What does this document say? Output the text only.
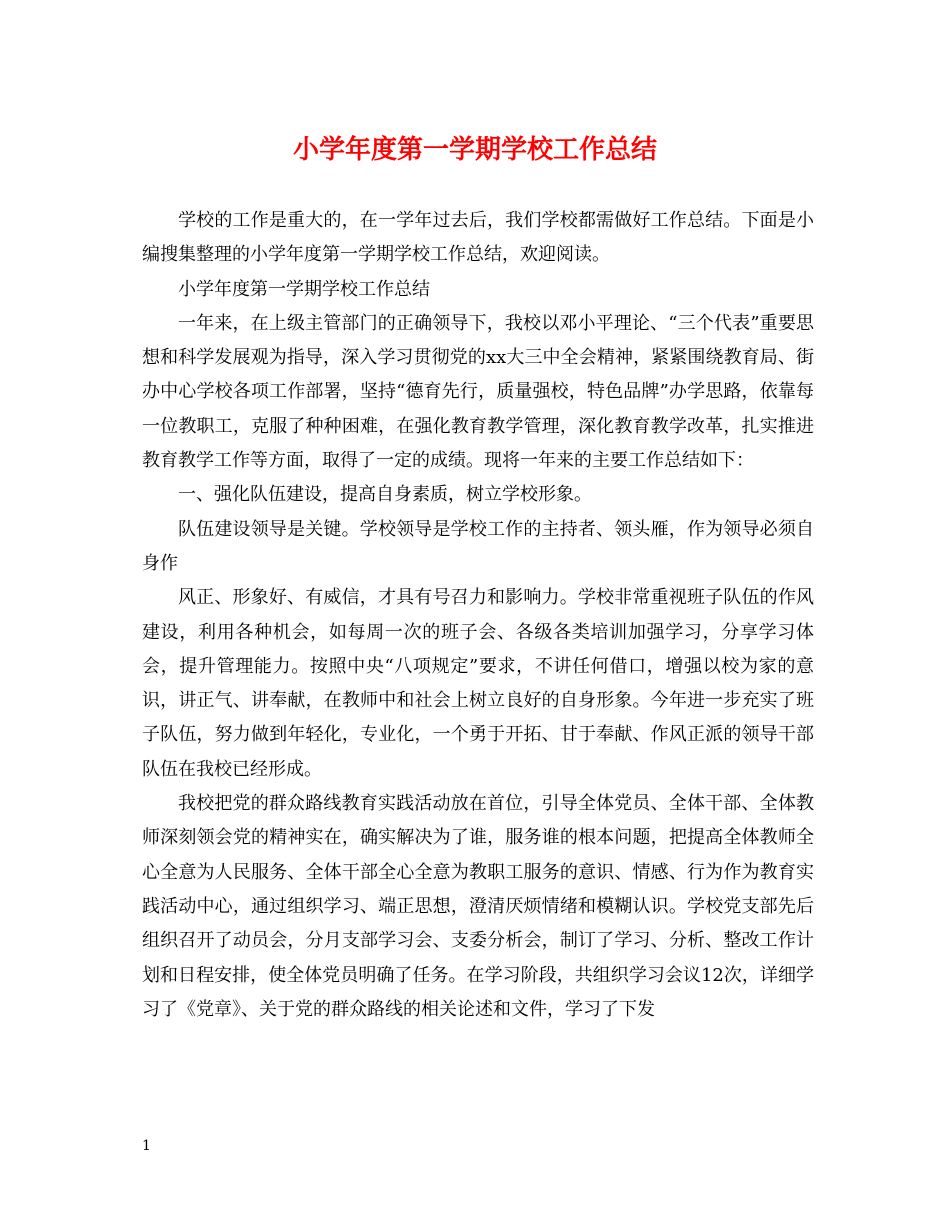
小学年度第一学期学校工作总结

学校的工作是重大的，在一学年过去后，我们学校都需做好工作总结。下面是小编搜集整理的小学年度第一学期学校工作总结，欢迎阅读。

小学年度第一学期学校工作总结

一年来，在上级主管部门的正确领导下，我校以邓小平理论、“三个代表”重要思想和科学发展观为指导，深入学习贯彻党的xx大三中全会精神，紧紧围绕教育局、街办中心学校各项工作部署，坚持“德育先行，质量强校，特色品牌”办学思路，依靠每一位教职工，克服了种种困难，在强化教育教学管理，深化教育教学改革，扎实推进教育教学工作等方面，取得了一定的成绩。现将一年来的主要工作总结如下：

一、强化队伍建设，提高自身素质，树立学校形象。

队伍建设领导是关键。学校领导是学校工作的主持者、领头雁，作为领导必须自身作

风正、形象好、有威信，才具有号召力和影响力。学校非常重视班子队伍的作风建设，利用各种机会，如每周一次的班子会、各级各类培训加强学习，分享学习体会，提升管理能力。按照中央“八项规定”要求，不讲任何借口，增强以校为家的意识，讲正气、讲奉献，在教师中和社会上树立良好的自身形象。今年进一步充实了班子队伍，努力做到年轻化，专业化，一个勇于开拓、甘于奉献、作风正派的领导干部队伍在我校已经形成。

我校把党的群众路线教育实践活动放在首位，引导全体党员、全体干部、全体教师深刻领会党的精神实在，确实解决为了谁，服务谁的根本问题，把提高全体教师全心全意为人民服务、全体干部全心全意为教职工服务的意识、情感、行为作为教育实践活动中心，通过组织学习、端正思想，澄清厌烦情绪和模糊认识。学校党支部先后组织召开了动员会，分月支部学习会、支委分析会，制订了学习、分析、整改工作计划和日程安排，使全体党员明确了任务。在学习阶段，共组织学习会议12次，详细学习了《党章》、关于党的群众路线的相关论述和文件，学习了下发

1
